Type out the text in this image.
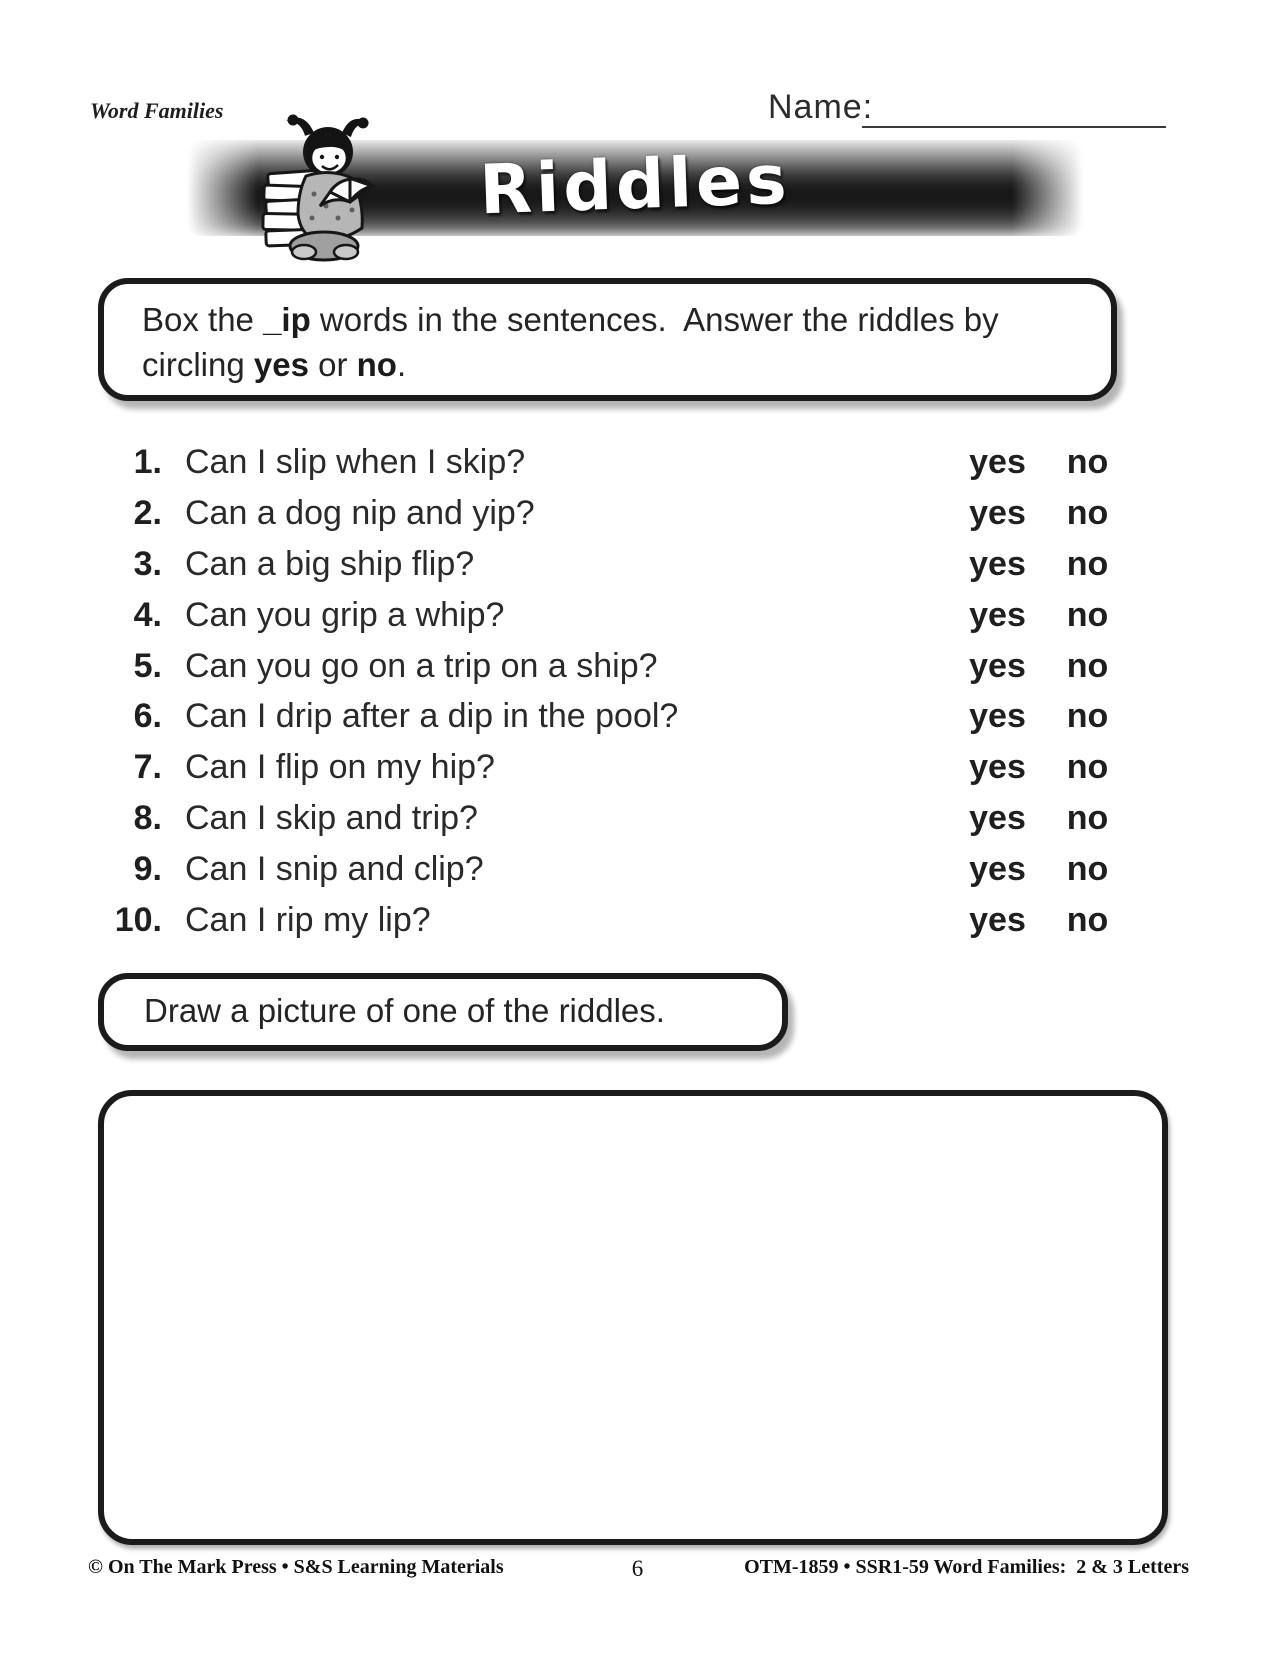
Word Families	Name:
Riddles
Box the _ip words in the sentences.  Answer the riddles by circling yes or no.
1. Can I slip when I skip?	yes	no
2. Can a dog nip and yip?	yes	no
3. Can a big ship flip?	yes	no
4. Can you grip a whip?	yes	no
5. Can you go on a trip on a ship?	yes	no
6. Can I drip after a dip in the pool?	yes	no
7. Can I flip on my hip?	yes	no
8. Can I skip and trip?	yes	no
9. Can I snip and clip?	yes	no
10. Can I rip my lip?	yes	no
Draw a picture of one of the riddles.
© On The Mark Press • S&S Learning Materials	6	OTM-1859 • SSR1-59 Word Families:  2 & 3 Letters
